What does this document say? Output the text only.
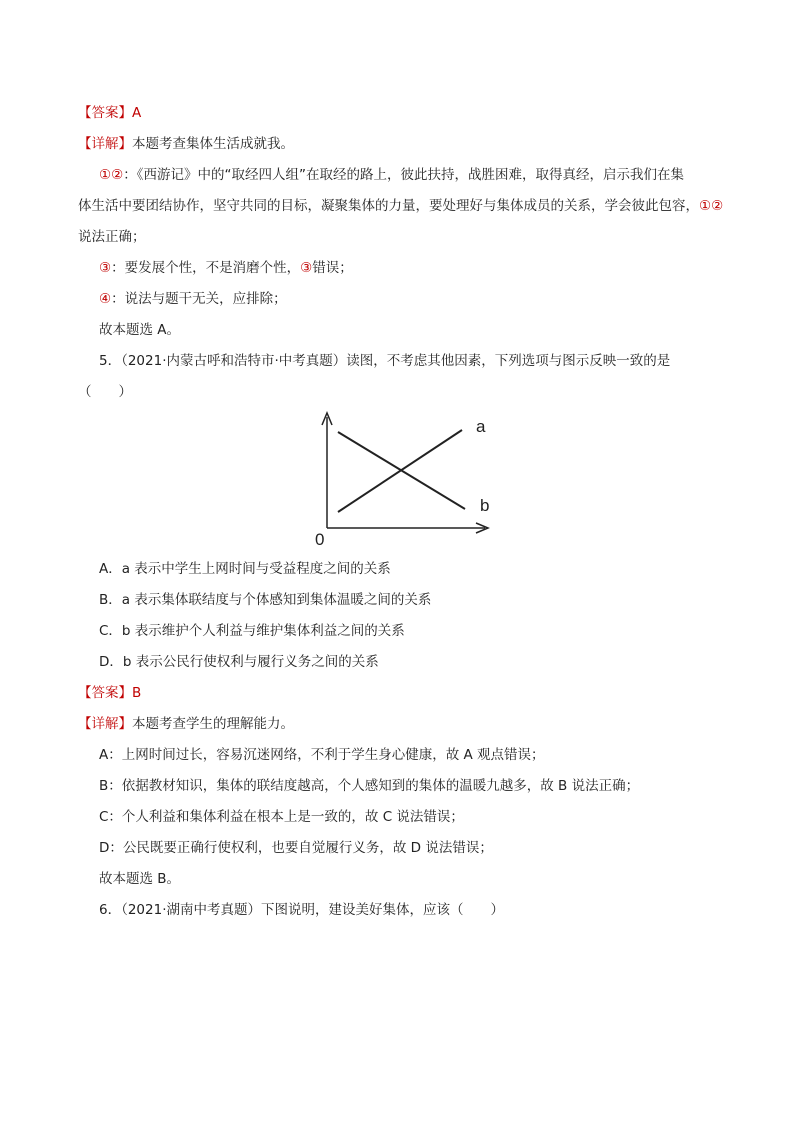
【答案】A
【详解】本题考查集体生活成就我。
①②：《西游记》中的“取经四人组”在取经的路上，彼此扶持，战胜困难，取得真经，启示我们在集
体生活中要团结协作，坚守共同的目标，凝聚集体的力量，要处理好与集体成员的关系，学会彼此包容，①②
说法正确；
③：要发展个性，不是消磨个性，③错误；
④：说法与题干无关，应排除；
故本题选 A。
5．（2021·内蒙古呼和浩特市·中考真题）读图，不考虑其他因素，下列选项与图示反映一致的是
（　　）
a
b
0
A．a 表示中学生上网时间与受益程度之间的关系
B．a 表示集体联结度与个体感知到集体温暖之间的关系
C．b 表示维护个人利益与维护集体利益之间的关系
D．b 表示公民行使权利与履行义务之间的关系
【答案】B
【详解】本题考查学生的理解能力。
A：上网时间过长，容易沉迷网络，不利于学生身心健康，故 A 观点错误；
B：依据教材知识，集体的联结度越高，个人感知到的集体的温暖九越多，故 B 说法正确；
C：个人利益和集体利益在根本上是一致的，故 C 说法错误；
D：公民既要正确行使权利，也要自觉履行义务，故 D 说法错误；
故本题选 B。
6．（2021·湖南中考真题）下图说明，建设美好集体，应该（　　）
